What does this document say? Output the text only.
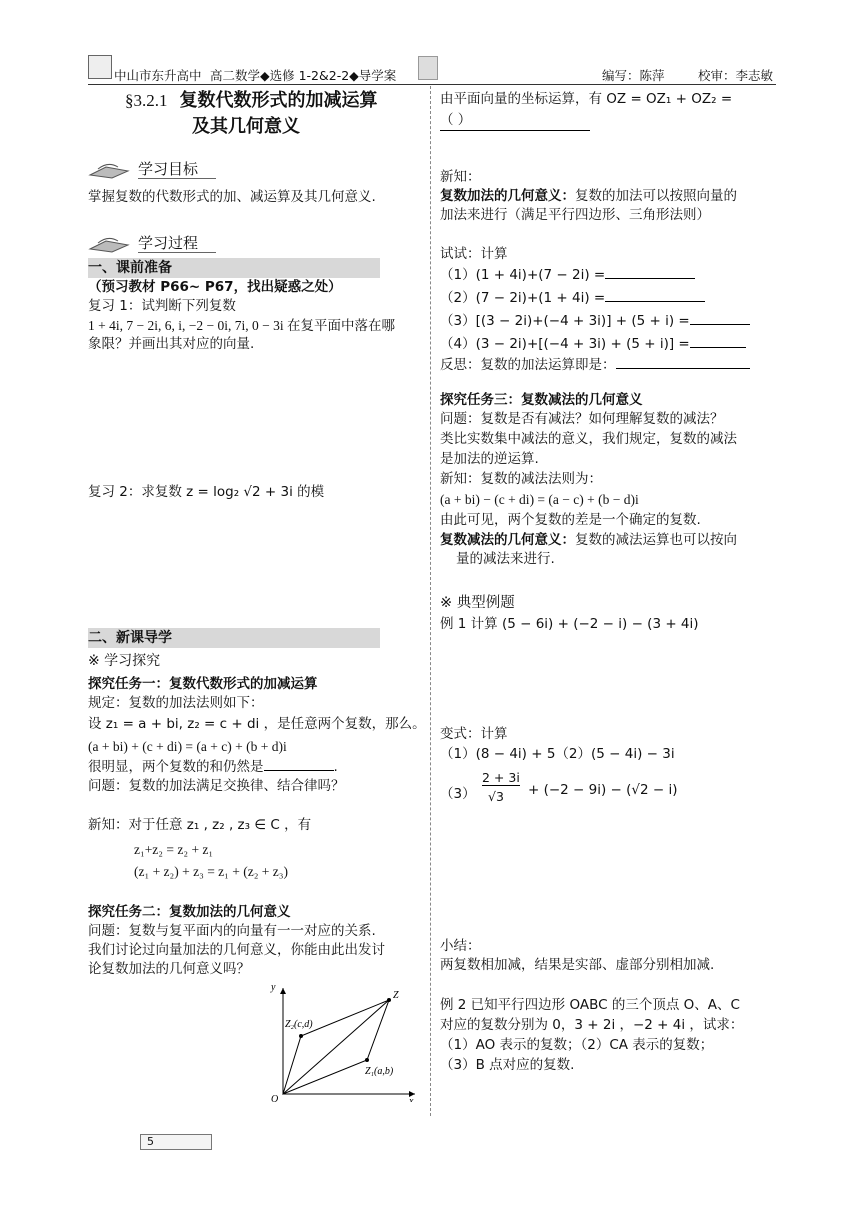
中山市东升高中 高二数学◆选修 1-2&2-2◆导学案	编写：陈萍	校审：李志敏
§3.2.1 复数代数形式的加减运算
及其几何意义
学习目标
掌握复数的代数形式的加、减运算及其几何意义.
学习过程
一、课前准备
（预习教材 P66~ P67，找出疑惑之处）
复习 1：试判断下列复数
1 + 4i, 7 − 2i, 6, i, −2 − 0i, 7i, 0 − 3i 在复平面中落在哪
象限？并画出其对应的向量.
复习 2：求复数 z = log₂ √2 + 3i 的模
二、新课导学
※ 学习探究
探究任务一：复数代数形式的加减运算
规定：复数的加法法则如下：
设 z₁ = a + bi, z₂ = c + di ，是任意两个复数，那么。
(a + bi) + (c + di) = (a + c) + (b + d)i
很明显，两个复数的和仍然是	.
问题：复数的加法满足交换律、结合律吗？
新知：对于任意 z₁ , z₂ , z₃ ∈ C ，有
z₁+z₂ = z₂ + z₁
(z₁ + z₂) + z₃ = z₁ + (z₂ + z₃)
探究任务二：复数加法的几何意义
问题：复数与复平面内的向量有一一对应的关系.
我们讨论过向量加法的几何意义，你能由此出发讨
论复数加法的几何意义吗？
y
x
O
Z
Z₂(c,d)
Z₁(a,b)
由平面向量的坐标运算，有 OZ = OZ₁ + OZ₂ =
（ ）
新知：
复数加法的几何意义：复数的加法可以按照向量的
加法来进行（满足平行四边形、三角形法则）
试试：计算
（1）(1 + 4i)+(7 − 2i) =
（2）(7 − 2i)+(1 + 4i) =
（3）[(3 − 2i)+(−4 + 3i)] + (5 + i) =
（4）(3 − 2i)+[(−4 + 3i) + (5 + i)] =
反思：复数的加法运算即是：
探究任务三：复数减法的几何意义
问题：复数是否有减法？如何理解复数的减法？
类比实数集中减法的意义，我们规定，复数的减法
是加法的逆运算.
新知：复数的减法法则为：
(a + bi) − (c + di) = (a − c) + (b − d)i
由此可见，两个复数的差是一个确定的复数.
复数减法的几何意义：复数的减法运算也可以按向
量的减法来进行.
※ 典型例题
例 1 计算 (5 − 6i) + (−2 − i) − (3 + 4i)
变式：计算
（1）(8 − 4i) + 5（2）(5 − 4i) − 3i
（3）
2 + 3i
√3 + (−2 − 9i) − (√2 − i)
小结：
两复数相加减，结果是实部、虚部分别相加减.
例 2 已知平行四边形 OABC 的三个顶点 O、A、C
对应的复数分别为 0，3 + 2i ，−2 + 4i ，试求：
（1）AO 表示的复数；（2）CA 表示的复数；
（3）B 点对应的复数.
5
